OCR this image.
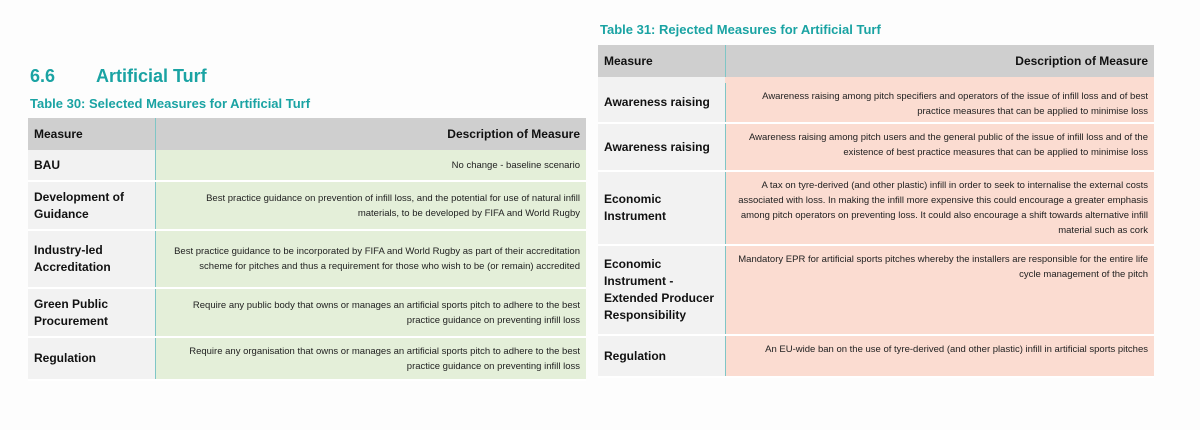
6.6 Artificial Turf
Table 30: Selected Measures for Artificial Turf
Measure	Description of Measure
BAU	No change - baseline scenario
Development of Guidance	Best practice guidance on prevention of infill loss, and the potential for use of natural infill materials, to be developed by FIFA and World Rugby
Industry-led Accreditation	Best practice guidance to be incorporated by FIFA and World Rugby as part of their accreditation scheme for pitches and thus a requirement for those who wish to be (or remain) accredited
Green Public Procurement	Require any public body that owns or manages an artificial sports pitch to adhere to the best practice guidance on preventing infill loss
Regulation	Require any organisation that owns or manages an artificial sports pitch to adhere to the best practice guidance on preventing infill loss
Table 31: Rejected Measures for Artificial Turf
Measure	Description of Measure

Awareness raising	Awareness raising among pitch specifiers and operators of the issue of infill loss and of best practice measures that can be applied to minimise loss
Awareness raising	Awareness raising among pitch users and the general public of the issue of infill loss and of the existence of best practice measures that can be applied to minimise loss
Economic Instrument	A tax on tyre-derived (and other plastic) infill in order to seek to internalise the external costs associated with loss. In making the infill more expensive this could encourage a greater emphasis among pitch operators on preventing loss. It could also encourage a shift towards alternative infill material such as cork
Economic Instrument - Extended Producer Responsibility	Mandatory EPR for artificial sports pitches whereby the installers are responsible for the entire life cycle management of the pitch
Regulation	An EU-wide ban on the use of tyre-derived (and other plastic) infill in artificial sports pitches
